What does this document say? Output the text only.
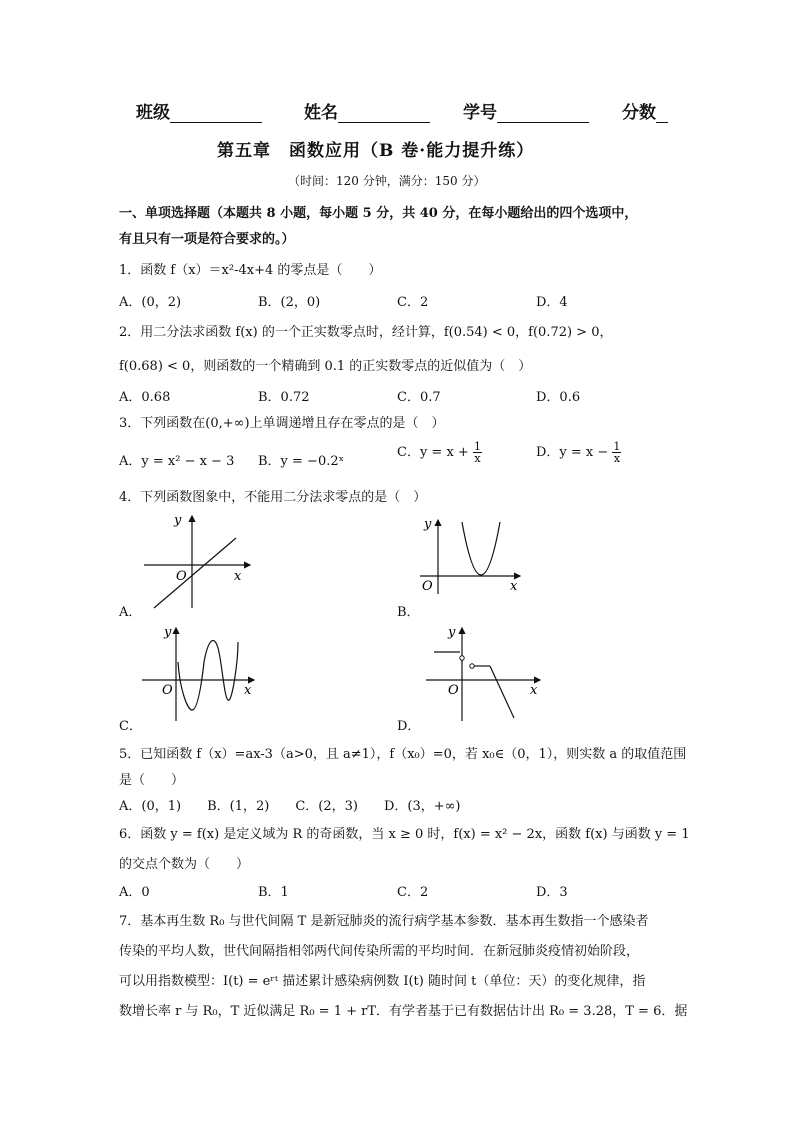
班级	姓名	学号	分数
第五章　函数应用（B 卷·能力提升练）
（时间：120 分钟，满分：150 分）
一、单项选择题（本题共 8 小题，每小题 5 分，共 40 分，在每小题给出的四个选项中，
有且只有一项是符合要求的。）
1．函数 f（x）＝x²-4x+4 的零点是（　　）
A．(0，2)	B．(2，0)	C．2	D．4
2．用二分法求函数 f(x) 的一个正实数零点时，经计算，f(0.54) < 0，f(0.72) > 0，
f(0.68) < 0，则函数的一个精确到 0.1 的正实数零点的近似值为（　）
A．0.68	B．0.72	C．0.7	D．0.6
3．下列函数在(0,+∞)上单调递增且存在零点的是（　）
A．y = x² − x − 3 B．y = −0.2ˣ
C．$y = x + \frac{1}{x}$	D．$y = x - \frac{1}{x}$
4．下列函数图象中，不能用二分法求零点的是（　）
y
x
O
A．
y
x
O
B．
y
x
O
C．
y
x
O
D．
5．已知函数 f（x）=ax-3（a>0，且 a≠1），f（x₀）=0，若 x₀∈（0，1），则实数 a 的取值范围
是（　　）
A．(0，1)　　B．(1，2)　　C．(2，3)　　D．(3，+∞)
6．函数 y = f(x) 是定义域为 R 的奇函数，当 x ≥ 0 时，f(x) = x² − 2x，函数 f(x) 与函数 y = 1
的交点个数为（　　）
A．0	B．1	C．2	D．3
7．基本再生数 R₀ 与世代间隔 T 是新冠肺炎的流行病学基本参数．基本再生数指一个感染者
传染的平均人数，世代间隔指相邻两代间传染所需的平均时间．在新冠肺炎疫情初始阶段，
可以用指数模型：I(t) = eʳᵗ 描述累计感染病例数 I(t) 随时间 t（单位：天）的变化规律，指
数增长率 r 与 R₀，T 近似满足 R₀ = 1 + rT．有学者基于已有数据估计出 R₀ = 3.28，T = 6．据
